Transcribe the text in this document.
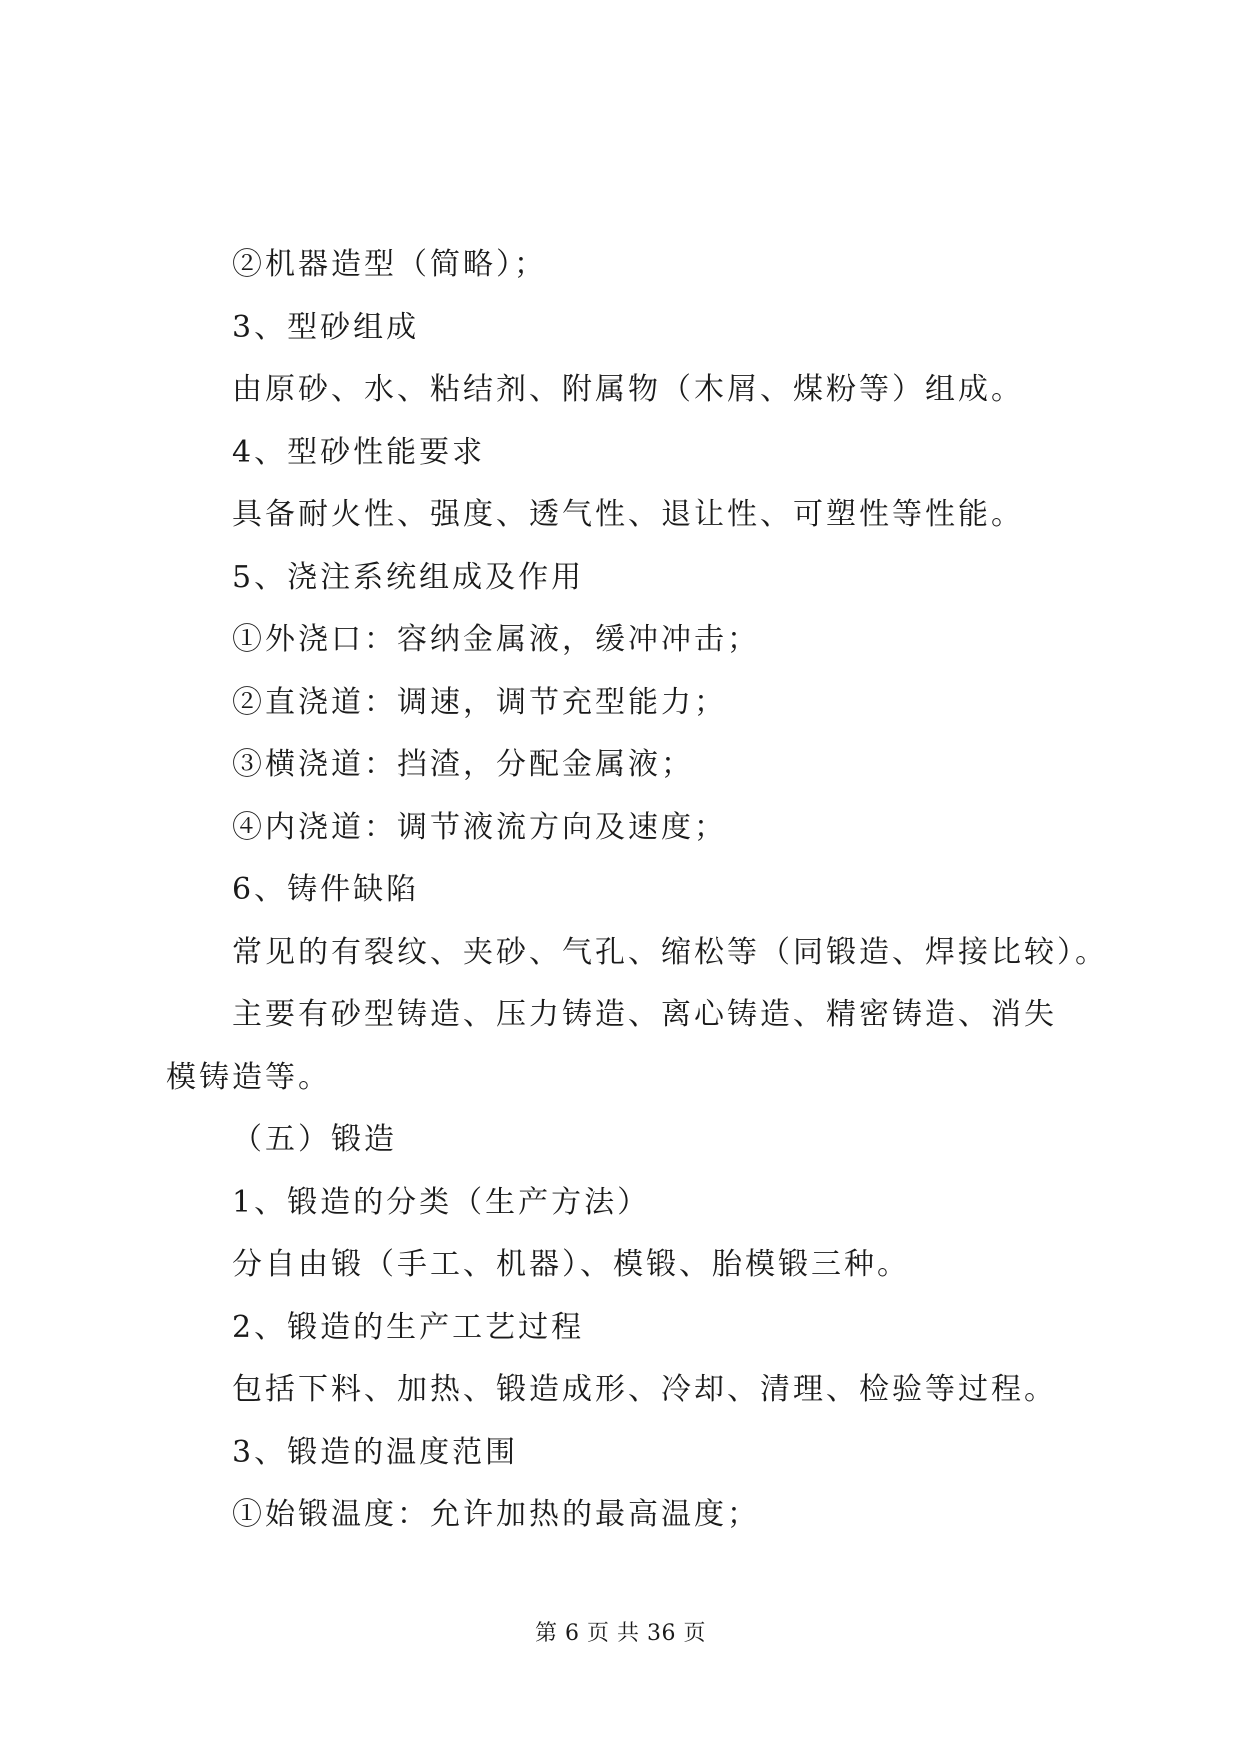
②机器造型（简略）；
3、型砂组成
由原砂、水、粘结剂、附属物（木屑、煤粉等）组成。
4、型砂性能要求
具备耐火性、强度、透气性、退让性、可塑性等性能。
5、浇注系统组成及作用
①外浇口：容纳金属液，缓冲冲击；
②直浇道：调速，调节充型能力；
③横浇道：挡渣，分配金属液；
④内浇道：调节液流方向及速度；
6、铸件缺陷
常见的有裂纹、夹砂、气孔、缩松等（同锻造、焊接比较）。
主要有砂型铸造、压力铸造、离心铸造、精密铸造、消失模铸造等。
（五）锻造
1、锻造的分类（生产方法）
分自由锻（手工、机器）、模锻、胎模锻三种。
2、锻造的生产工艺过程
包括下料、加热、锻造成形、冷却、清理、检验等过程。
3、锻造的温度范围
①始锻温度：允许加热的最高温度；
第 6 页 共 36 页
